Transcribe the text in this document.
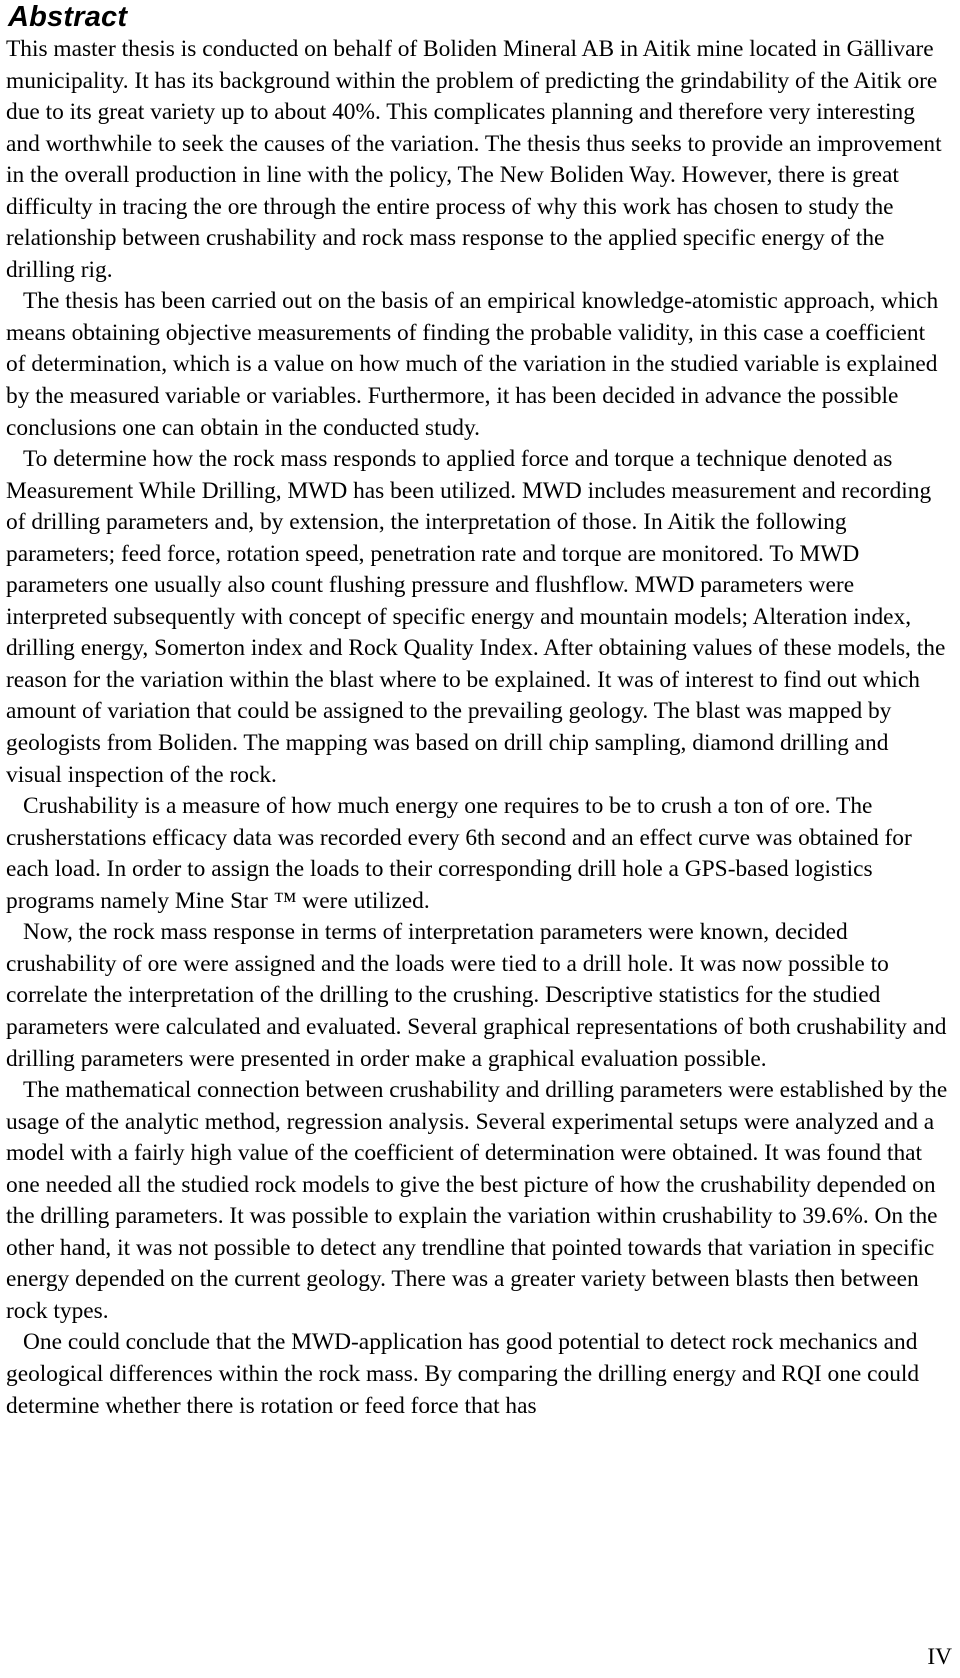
Abstract

This master thesis is conducted on behalf of Boliden Mineral AB in Aitik mine located in Gällivare municipality. It has its background within the problem of predicting the grindability of the Aitik ore due to its great variety up to about 40%. This complicates planning and therefore very interesting and worthwhile to seek the causes of the variation. The thesis thus seeks to provide an improvement in the overall production in line with the policy, The New Boliden Way. However, there is great difficulty in tracing the ore through the entire process of why this work has chosen to study the relationship between crushability and rock mass response to the applied specific energy of the drilling rig.

The thesis has been carried out on the basis of an empirical knowledge-atomistic approach, which means obtaining objective measurements of finding the probable validity, in this case a coefficient of determination, which is a value on how much of the variation in the studied variable is explained by the measured variable or variables. Furthermore, it has been decided in advance the possible conclusions one can obtain in the conducted study.

To determine how the rock mass responds to applied force and torque a technique denoted as Measurement While Drilling, MWD has been utilized. MWD includes measurement and recording of drilling parameters and, by extension, the interpretation of those. In Aitik the following parameters; feed force, rotation speed, penetration rate and torque are monitored. To MWD parameters one usually also count flushing pressure and flushflow. MWD parameters were interpreted subsequently with concept of specific energy and mountain models; Alteration index, drilling energy, Somerton index and Rock Quality Index. After obtaining values of these models, the reason for the variation within the blast where to be explained. It was of interest to find out which amount of variation that could be assigned to the prevailing geology. The blast was mapped by geologists from Boliden. The mapping was based on drill chip sampling, diamond drilling and visual inspection of the rock.

Crushability is a measure of how much energy one requires to be to crush a ton of ore. The crusherstations efficacy data was recorded every 6th second and an effect curve was obtained for each load. In order to assign the loads to their corresponding drill hole a GPS-based logistics programs namely Mine Star ™ were utilized.

Now, the rock mass response in terms of interpretation parameters were known, decided crushability of ore were assigned and the loads were tied to a drill hole. It was now possible to correlate the interpretation of the drilling to the crushing. Descriptive statistics for the studied parameters were calculated and evaluated. Several graphical representations of both crushability and drilling parameters were presented in order make a graphical evaluation possible.

The mathematical connection between crushability and drilling parameters were established by the usage of the analytic method, regression analysis. Several experimental setups were analyzed and a model with a fairly high value of the coefficient of determination were obtained. It was found that one needed all the studied rock models to give the best picture of how the crushability depended on the drilling parameters. It was possible to explain the variation within crushability to 39.6%. On the other hand, it was not possible to detect any trendline that pointed towards that variation in specific energy depended on the current geology. There was a greater variety between blasts then between rock types.

One could conclude that the MWD-application has good potential to detect rock mechanics and geological differences within the rock mass. By comparing the drilling energy and RQI one could determine whether there is rotation or feed force that has

IV
